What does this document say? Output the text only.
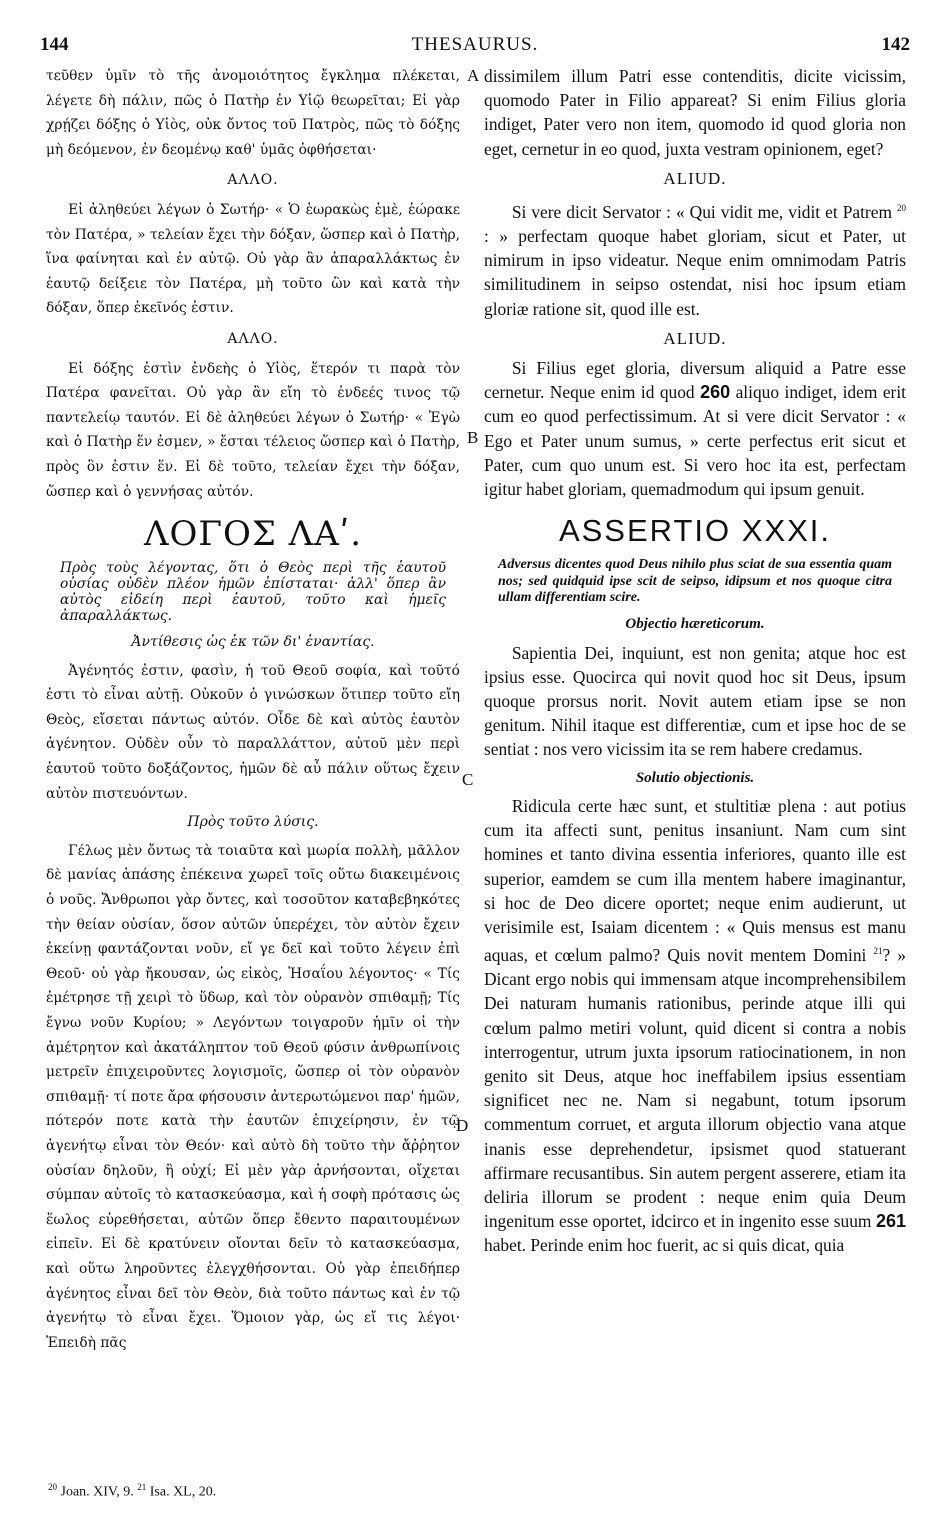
144	THESAURUS.	142

τεῦθεν ὑμῖν τὸ τῆς ἀνομοιότητος ἔγκλημα πλέκεται, λέγετε δὴ πάλιν, πῶς ὁ Πατὴρ ἐν Υἱῷ θεωρεῖται; Εἰ γὰρ χρῄζει δόξης ὁ Υἱὸς, οὐκ ὄντος τοῦ Πατρὸς, πῶς τὸ δόξης μὴ δεόμενον, ἐν δεομένῳ καθ' ὑμᾶς ὀφθήσεται·

ΑΛΛΟ.

Εἰ ἀληθεύει λέγων ὁ Σωτήρ· « Ὁ ἑωρακὼς ἐμὲ, ἑώρακε τὸν Πατέρα, » τελείαν ἔχει τὴν δόξαν, ὥσπερ καὶ ὁ Πατὴρ, ἵνα φαίνηται καὶ ἐν αὐτῷ. Οὐ γὰρ ἂν ἀπαραλλάκτως ἐν ἑαυτῷ δείξειε τὸν Πατέρα, μὴ τοῦτο ὢν καὶ κατὰ τὴν δόξαν, ὅπερ ἐκεῖνός ἐστιν.

ΑΛΛΟ.

Εἰ δόξης ἐστὶν ἐνδεὴς ὁ Υἱὸς, ἕτερόν τι παρὰ τὸν Πατέρα φανεῖται. Οὐ γὰρ ἂν εἴη τὸ ἐνδεές τινος τῷ παντελείῳ ταυτόν. Εἰ δὲ ἀληθεύει λέγων ὁ Σωτήρ· « Ἐγὼ καὶ ὁ Πατὴρ ἕν ἐσμεν, » ἔσται τέλειος ὥσπερ καὶ ὁ Πατὴρ, πρὸς ὃν ἐστιν ἕν. Εἰ δὲ τοῦτο, τελείαν ἔχει τὴν δόξαν, ὥσπερ καὶ ὁ γεννήσας αὐτόν.

ΛΟΓΟΣ ΛΑʹ.
Πρὸς τοὺς λέγοντας, ὅτι ὁ Θεὸς περὶ τῆς ἑαυτοῦ οὐσίας οὐδὲν πλέον ἡμῶν ἐπίσταται· ἀλλ' ὅπερ ἂν αὐτὸς εἰδείη περὶ ἑαυτοῦ, τοῦτο καὶ ἡμεῖς ἀπαραλλάκτως.
Ἀντίθεσις ὡς ἐκ τῶν δι' ἐναντίας.

Ἀγένητός ἐστιν, φασὶν, ἡ τοῦ Θεοῦ σοφία, καὶ τοῦτό ἐστι τὸ εἶναι αὐτῇ. Οὐκοῦν ὁ γινώσκων ὅτιπερ τοῦτο εἴη Θεὸς, εἴσεται πάντως αὐτόν. Οἶδε δὲ καὶ αὐτὸς ἑαυτὸν ἀγένητον. Οὐδὲν οὖν τὸ παραλλάττον, αὐτοῦ μὲν περὶ ἑαυτοῦ τοῦτο δοξάζοντος, ἡμῶν δὲ αὖ πάλιν οὕτως ἔχειν αὐτὸν πιστευόντων.

Πρὸς τοῦτο λύσις.

Γέλως μὲν ὄντως τὰ τοιαῦτα καὶ μωρία πολλὴ, μᾶλλον δὲ μανίας ἁπάσης ἐπέκεινα χωρεῖ τοῖς οὕτω διακειμένοις ὁ νοῦς. Ἄνθρωποι γὰρ ὄντες, καὶ τοσοῦτον καταβεβηκότες τὴν θείαν οὐσίαν, ὅσον αὐτῶν ὑπερέχει, τὸν αὐτὸν ἔχειν ἐκείνῃ φαντάζονται νοῦν, εἴ γε δεῖ καὶ τοῦτο λέγειν ἐπὶ Θεοῦ· οὐ γὰρ ἤκουσαν, ὡς εἰκὸς, Ἡσαΐου λέγοντος· « Τίς ἐμέτρησε τῇ χειρὶ τὸ ὕδωρ, καὶ τὸν οὐρανὸν σπιθαμῇ; Τίς ἔγνω νοῦν Κυρίου; » Λεγόντων τοιγαροῦν ἡμῖν οἱ τὴν ἀμέτρητον καὶ ἀκατάληπτον τοῦ Θεοῦ φύσιν ἀνθρωπίνοις μετρεῖν ἐπιχειροῦντες λογισμοῖς, ὥσπερ οἱ τὸν οὐρανὸν σπιθαμῇ· τί ποτε ἄρα φήσουσιν ἀντερωτώμενοι παρ' ἡμῶν, πότερόν ποτε κατὰ τὴν ἑαυτῶν ἐπιχείρησιν, ἐν τῷ ἀγενήτῳ εἶναι τὸν Θεόν· καὶ αὐτὸ δὴ τοῦτο τὴν ἄῤῥητον οὐσίαν δηλοῦν, ἢ οὐχί; Εἰ μὲν γὰρ ἀρνήσονται, οἴχεται σύμπαν αὐτοῖς τὸ κατασκεύασμα, καὶ ἡ σοφὴ πρότασις ὡς ἕωλος εὑρεθήσεται, αὐτῶν ὅπερ ἔθεντο παραιτουμένων εἰπεῖν. Εἰ δὲ κρατύνειν οἴονται δεῖν τὸ κατασκεύασμα, καὶ οὕτω ληροῦντες ἐλεγχθήσονται. Οὐ γὰρ ἐπειδήπερ ἀγένητος εἶναι δεῖ τὸν Θεὸν, διὰ τοῦτο πάντως καὶ ἐν τῷ ἀγενήτῳ τὸ εἶναι ἔχει. Ὅμοιον γὰρ, ὡς εἴ τις λέγοι· Ἐπειδὴ πᾶς

A
B
C
D

dissimilem illum Patri esse contenditis, dicite vicissim, quomodo Pater in Filio appareat? Si enim Filius gloria indiget, Pater vero non item, quomodo id quod gloria non eget, cernetur in eo quod, juxta vestram opinionem, eget?

ALIUD.

Si vere dicit Servator : « Qui vidit me, vidit et Patrem $^{20}$ : » perfectam quoque habet gloriam, sicut et Pater, ut nimirum in ipso videatur. Neque enim omnimodam Patris similitudinem in seipso ostendat, nisi hoc ipsum etiam gloriæ ratione sit, quod ille est.

ALIUD.

Si Filius eget gloria, diversum aliquid a Patre esse cernetur. Neque enim id quod 260 aliquo indiget, idem erit cum eo quod perfectissimum. At si vere dicit Servator : « Ego et Pater unum sumus, » certe perfectus erit sicut et Pater, cum quo unum est. Si vero hoc ita est, perfectam igitur habet gloriam, quemadmodum qui ipsum genuit.

ASSERTIO XXXI.
Adversus dicentes quod Deus nihilo plus sciat de sua essentia quam nos; sed quidquid ipse scit de seipso, idipsum et nos quoque citra ullam differentiam scire.
Objectio hæreticorum.

Sapientia Dei, inquiunt, est non genita; atque hoc est ipsius esse. Quocirca qui novit quod hoc sit Deus, ipsum quoque prorsus norit. Novit autem etiam ipse se non genitum. Nihil itaque est differentiæ, cum et ipse hoc de se sentiat : nos vero vicissim ita se rem habere credamus.

Solutio objectionis.

Ridicula certe hæc sunt, et stultitiæ plena : aut potius cum ita affecti sunt, penitus insaniunt. Nam cum sint homines et tanto divina essentia inferiores, quanto ille est superior, eamdem se cum illa mentem habere imaginantur, si hoc de Deo dicere oportet; neque enim audierunt, ut verisimile est, Isaiam dicentem : « Quis mensus est manu aquas, et cœlum palmo? Quis novit mentem Domini $^{21}$? » Dicant ergo nobis qui immensam atque incomprehensibilem Dei naturam humanis rationibus, perinde atque illi qui cœlum palmo metiri volunt, quid dicent si contra a nobis interrogentur, utrum juxta ipsorum ratiocinationem, in non genito sit Deus, atque hoc ineffabilem ipsius essentiam significet nec ne. Nam si negabunt, totum ipsorum commentum corruet, et arguta illorum objectio vana atque inanis esse deprehendetur, ipsismet quod statuerant affirmare recusantibus. Sin autem pergent asserere, etiam ita deliria illorum se prodent : neque enim quia Deum ingenitum esse oportet, idcirco et in ingenito esse suum 261 habet. Perinde enim hoc fuerit, ac si quis dicat, quia

$^{20}$ Joan. XIV, 9. $^{21}$ Isa. XL, 20.
